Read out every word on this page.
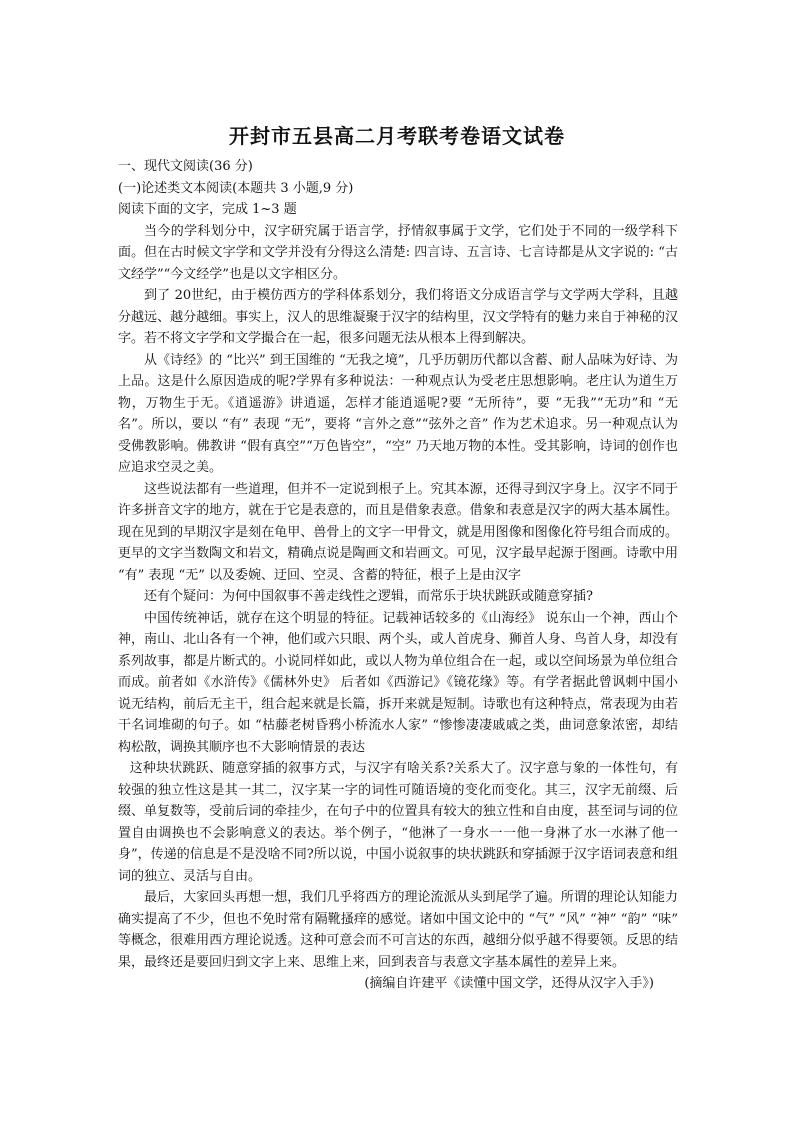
开封市五县高二月考联考卷语文试卷

一、现代文阅读(36 分)

(一)论述类文本阅读(本题共 3 小题,9 分)

阅读下面的文字，完成 1~3 题

当今的学科划分中，汉字研究属于语言学，抒情叙事属于文学，它们处于不同的一级学科下面。但在古时候文字学和文学并没有分得这么清楚: 四言诗、五言诗、七言诗都是从文字说的: “古文经学”“今文经学”也是以文字相区分。

到了 20世纪，由于模仿西方的学科体系划分，我们将语文分成语言学与文学两大学科，且越分越远、越分越细。事实上，汉人的思维凝聚于汉字的结构里，汉文学特有的魅力来自于神秘的汉字。若不将文字学和文学撮合在一起，很多问题无法从根本上得到解决。

从《诗经》的 “比兴” 到王国维的 “无我之境”，几乎历朝历代都以含蓄、耐人品味为好诗、为上品。这是什么原因造成的呢?学界有多种说法：一种观点认为受老庄思想影响。老庄认为道生万物，万物生于无。《逍遥游》讲逍遥，怎样才能逍遥呢?要 “无所待”，要 “无我”“无功”和 “无名”。所以，要以 “有” 表现 “无”，要将 “言外之意”“弦外之音” 作为艺术追求。另一种观点认为受佛教影响。佛教讲 “假有真空”“万色皆空”，“空” 乃天地万物的本性。受其影响，诗词的创作也应追求空灵之美。

这些说法都有一些道理，但并不一定说到根子上。究其本源，还得寻到汉字身上。汉字不同于许多拼音文字的地方，就在于它是表意的，而且是借象表意。借象和表意是汉字的两大基本属性。现在见到的早期汉字是刻在龟甲、兽骨上的文字一甲骨文，就是用图像和图像化符号组合而成的。更早的文字当数陶文和岩文，精确点说是陶画文和岩画文。可见，汉字最早起源于图画。诗歌中用 “有” 表现 “无” 以及委婉、迂回、空灵、含蓄的特征，根子上是由汉字

还有个疑问：为何中国叙事不善走线性之逻辑，而常乐于块状跳跃或随意穿插?

中国传统神话，就存在这个明显的特征。记载神话较多的《山海经》 说东山一个神，西山个神，南山、北山各有一个神，他们或六只眼、两个头，或人首虎身、狮首人身、鸟首人身，却没有系列故事，都是片断式的。小说同样如此，或以人物为单位组合在一起，或以空间场景为单位组合而成。前者如《水浒传》《儒林外史》 后者如《西游记》《镜花缘》等。有学者据此曾讽刺中国小说无结构，前后无主干，组合起来就是长篇，拆开来就是短制。诗歌也有这种特点，常表现为由若干名词堆砌的句子。如 “枯藤老树昏鸦小桥流水人家” “惨惨凄凄戚戚之类，曲词意象浓密，却结构松散，调换其顺序也不大影响情景的表达

这种块状跳跃、随意穿插的叙事方式，与汉字有啥关系?关系大了。汉字意与象的一体性句，有较强的独立性这是其一其二，汉字某一字的词性可随语境的变化而变化。其三，汉字无前缀、后缀、单复数等，受前后词的牵挂少，在句子中的位置具有较大的独立性和自由度，甚至词与词的位置自由调换也不会影响意义的表达。举个例子，“他淋了一身水一一他一身淋了水一水淋了他一身”，传递的信息是不是没啥不同?所以说，中国小说叙事的块状跳跃和穿插源于汉字语词表意和组词的独立、灵活与自由。

最后，大家回头再想一想，我们几乎将西方的理论流派从头到尾学了遍。所谓的理论认知能力确实提高了不少，但也不免时常有隔靴搔痒的感觉。诸如中国文论中的 “气” “风” “神” “韵” “味” 等概念，很难用西方理论说透。这种可意会而不可言达的东西，越细分似乎越不得要领。反思的结果，最终还是要回归到文字上来、思维上来，回到表音与表意文字基本属性的差异上来。

(摘编自许建平《读懂中国文学，还得从汉字入手》)
